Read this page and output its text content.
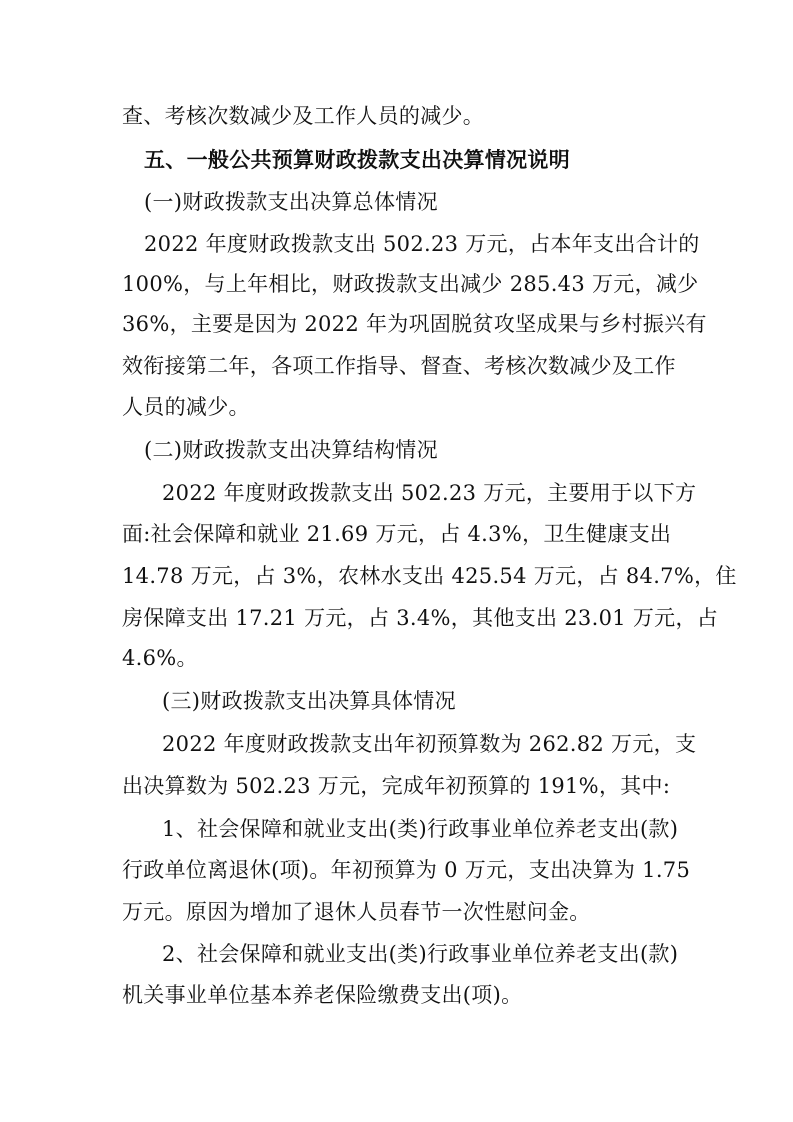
查、考核次数减少及工作人员的减少。
五、一般公共预算财政拨款支出决算情况说明
(一)财政拨款支出决算总体情况
2022 年度财政拨款支出 502.23 万元，占本年支出合计的
100%，与上年相比，财政拨款支出减少 285.43 万元，减少
36%，主要是因为 2022 年为巩固脱贫攻坚成果与乡村振兴有
效衔接第二年，各项工作指导、督查、考核次数减少及工作
人员的减少。
(二)财政拨款支出决算结构情况
2022 年度财政拨款支出 502.23 万元，主要用于以下方
面:社会保障和就业 21.69 万元，占 4.3%，卫生健康支出
14.78 万元，占 3%，农林水支出 425.54 万元，占 84.7%，住
房保障支出 17.21 万元，占 3.4%，其他支出 23.01 万元，占
4.6%。
(三)财政拨款支出决算具体情况
2022 年度财政拨款支出年初预算数为 262.82 万元，支
出决算数为 502.23 万元，完成年初预算的 191%，其中:
1、社会保障和就业支出(类)行政事业单位养老支出(款)
行政单位离退休(项)。年初预算为 0 万元，支出决算为 1.75
万元。原因为增加了退休人员春节一次性慰问金。
2、社会保障和就业支出(类)行政事业单位养老支出(款)
机关事业单位基本养老保险缴费支出(项)。
